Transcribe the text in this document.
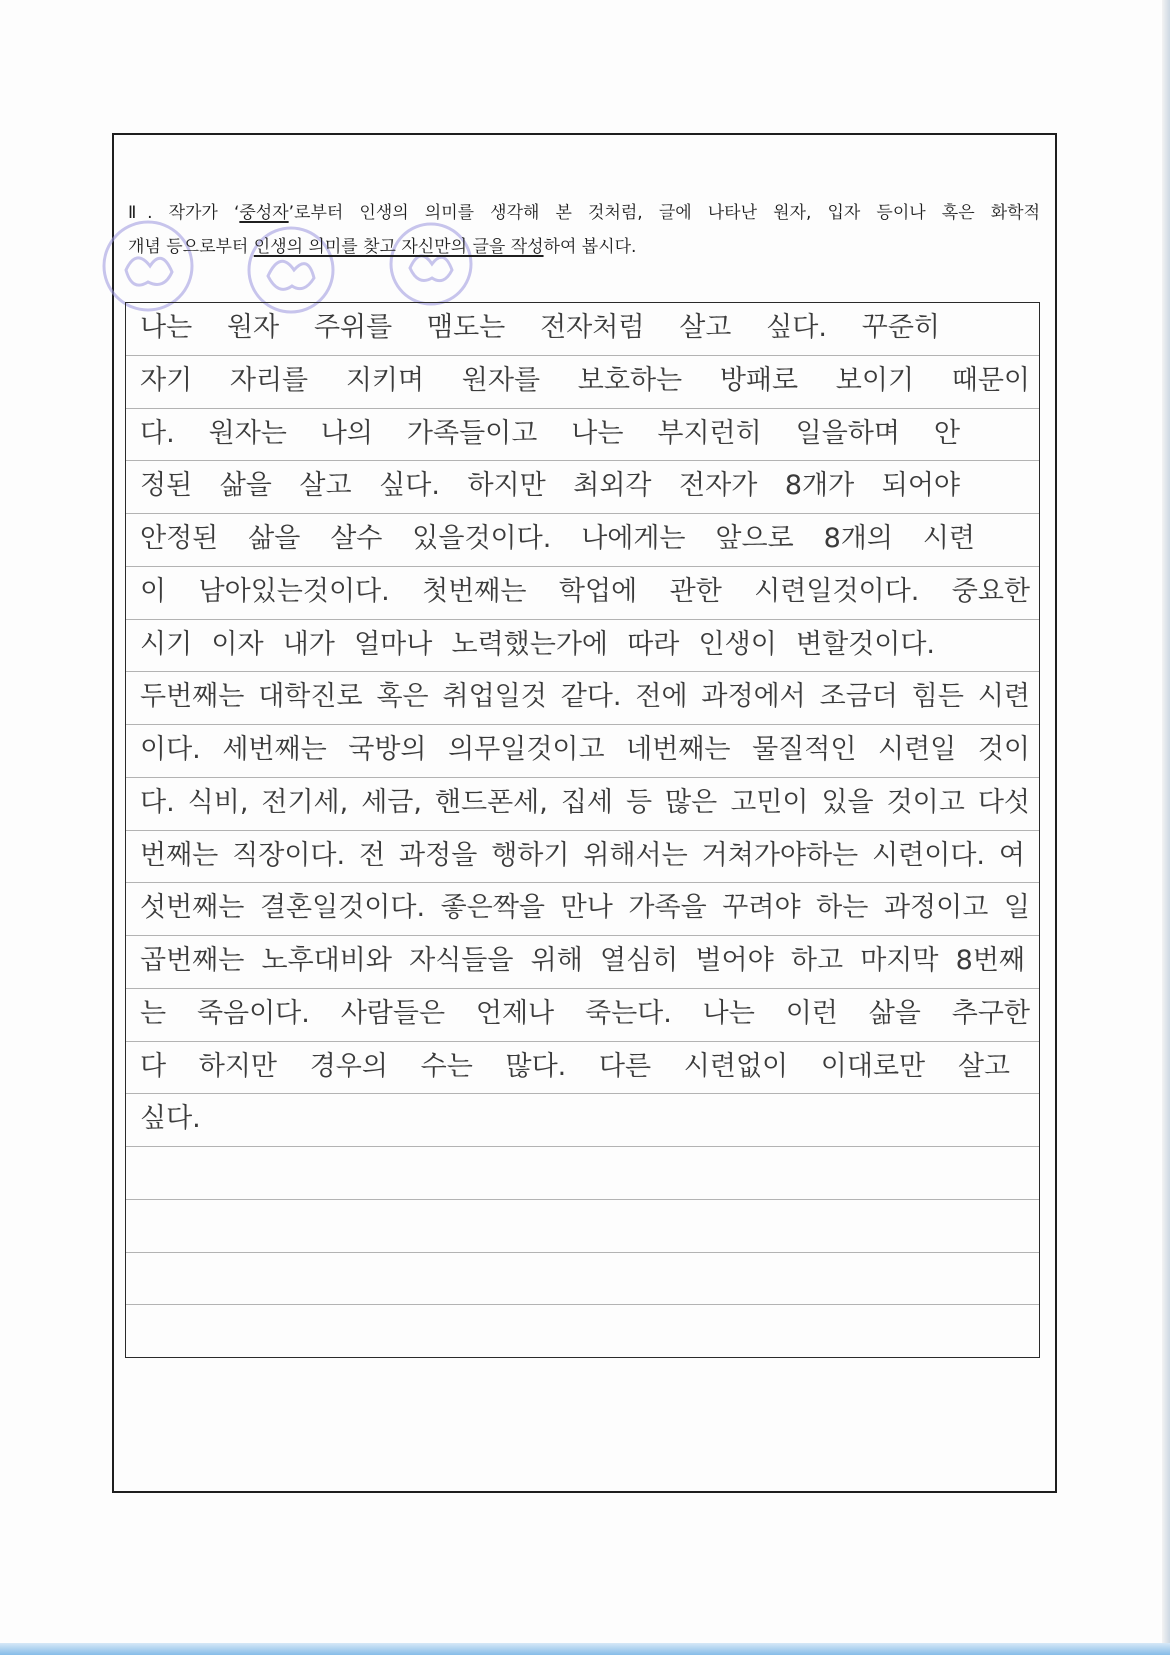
Ⅱ. 작가가 ‘중성자’로부터 인생의 의미를 생각해 본 것처럼, 글에 나타난 원자, 입자 등이나 혹은 화학적
개념 등으로부터 인생의 의미를 찾고 자신만의 글을 작성하여 봅시다.
나는 원자 주위를 맴도는 전자처럼 살고 싶다. 꾸준히
자기 자리를 지키며 원자를 보호하는 방패로 보이기 때문이
다. 원자는 나의 가족들이고 나는 부지런히 일을하며 안
정된 삶을 살고 싶다. 하지만 최외각 전자가 8개가 되어야
안정된 삶을 살수 있을것이다. 나에게는 앞으로 8개의 시련
이 남아있는것이다. 첫번째는 학업에 관한 시련일것이다. 중요한
시기 이자 내가 얼마나 노력했는가에 따라 인생이 변할것이다.
두번째는 대학진로 혹은 취업일것 같다. 전에 과정에서 조금더 힘든 시련
이다. 세번째는 국방의 의무일것이고 네번째는 물질적인 시련일 것이
다. 식비, 전기세, 세금, 핸드폰세, 집세 등 많은 고민이 있을 것이고 다섯
번째는 직장이다. 전 과정을 행하기 위해서는 거쳐가야하는 시련이다. 여
섯번째는 결혼일것이다. 좋은짝을 만나 가족을 꾸려야 하는 과정이고 일
곱번째는 노후대비와 자식들을 위해 열심히 벌어야 하고 마지막 8번째
는 죽음이다. 사람들은 언제나 죽는다. 나는 이런 삶을 추구한
다 하지만 경우의 수는 많다. 다른 시련없이 이대로만 살고
싶다.
